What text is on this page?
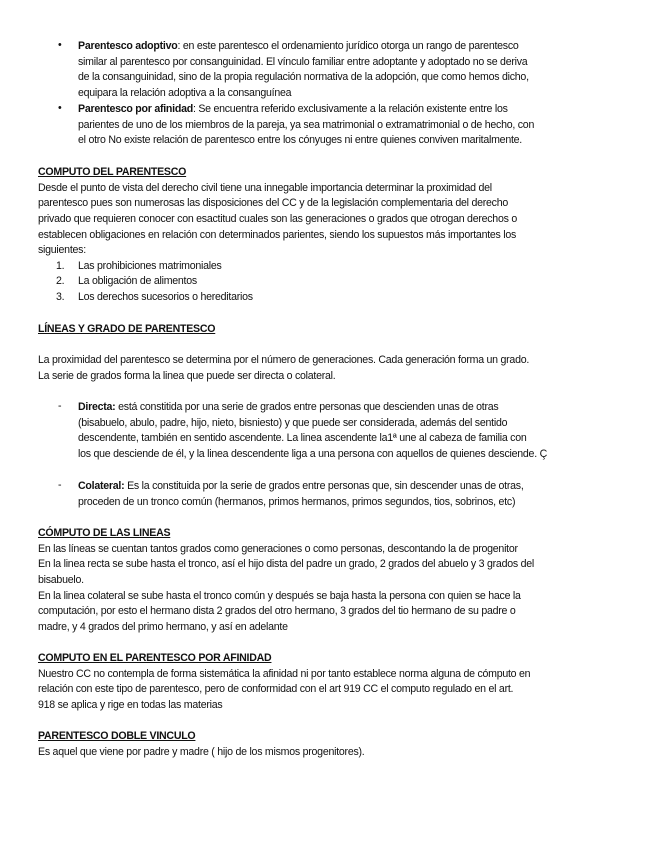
•	Parentesco adoptivo: en este parentesco el ordenamiento jurídico otorga un rango de parentesco
similar al parentesco por consanguinidad. El vínculo familiar entre adoptante y adoptado no se deriva
de la consanguinidad, sino de la propia regulación normativa de la adopción, que como hemos dicho,
equipara la relación adoptiva a la consanguínea
•	Parentesco por afinidad: Se encuentra referido exclusivamente a la relación existente entre los
parientes de uno de los miembros de la pareja, ya sea matrimonial o extramatrimonial o de hecho, con
el otro No existe relación de parentesco entre los cónyuges ni entre quienes conviven maritalmente.
COMPUTO DEL PARENTESCO
Desde el punto de vista del derecho civil tiene una innegable importancia determinar la proximidad del
parentesco pues son numerosas las disposiciones del CC y de la legislación complementaria del derecho
privado que requieren conocer con esactitud cuales son las generaciones o grados que otrogan derechos o
establecen obligaciones en relación con determinados parientes, siendo los supuestos más importantes los
siguientes:
1. Las prohibiciones matrimoniales
2. La obligación de alimentos
3. Los derechos sucesorios o hereditarios
LÍNEAS Y GRADO DE PARENTESCO
La proximidad del parentesco se determina por el número de generaciones. Cada generación forma un grado.
La serie de grados forma la linea que puede ser directa o colateral.
-	Directa: está constitida por una serie de grados entre personas que descienden unas de otras
(bisabuelo, abulo, padre, hijo, nieto, bisniesto) y que puede ser considerada, además del sentido
descendente, también en sentido ascendente. La linea ascendente la1ª une al cabeza de familia con
los que desciende de él, y la linea descendente liga a una persona con aquellos de quienes desciende. Ç
-	Colateral: Es la constituida por la serie de grados entre personas que, sin descender unas de otras,
proceden de un tronco común (hermanos, primos hermanos, primos segundos, tios, sobrinos, etc)
CÓMPUTO DE LAS LINEAS
En las líneas se cuentan tantos grados como generaciones o como personas, descontando la de progenitor
En la linea recta se sube hasta el tronco, así el hijo dista del padre un grado, 2 grados del abuelo y 3 grados del
bisabuelo.
En la linea colateral se sube hasta el tronco común y después se baja hasta la persona con quien se hace la
computación, por esto el hermano dista 2 grados del otro hermano, 3 grados del tio hermano de su padre o
madre, y 4 grados del primo hermano, y así en adelante
COMPUTO EN EL PARENTESCO POR AFINIDAD
Nuestro CC no contempla de forma sistemática la afinidad ni por tanto establece norma alguna de cómputo en
relación con este tipo de parentesco, pero de conformidad con el art 919 CC el computo regulado en el art.
918 se aplica y rige en todas las materias
PARENTESCO DOBLE VINCULO
Es aquel que viene por padre y madre ( hijo de los mismos progenitores).
